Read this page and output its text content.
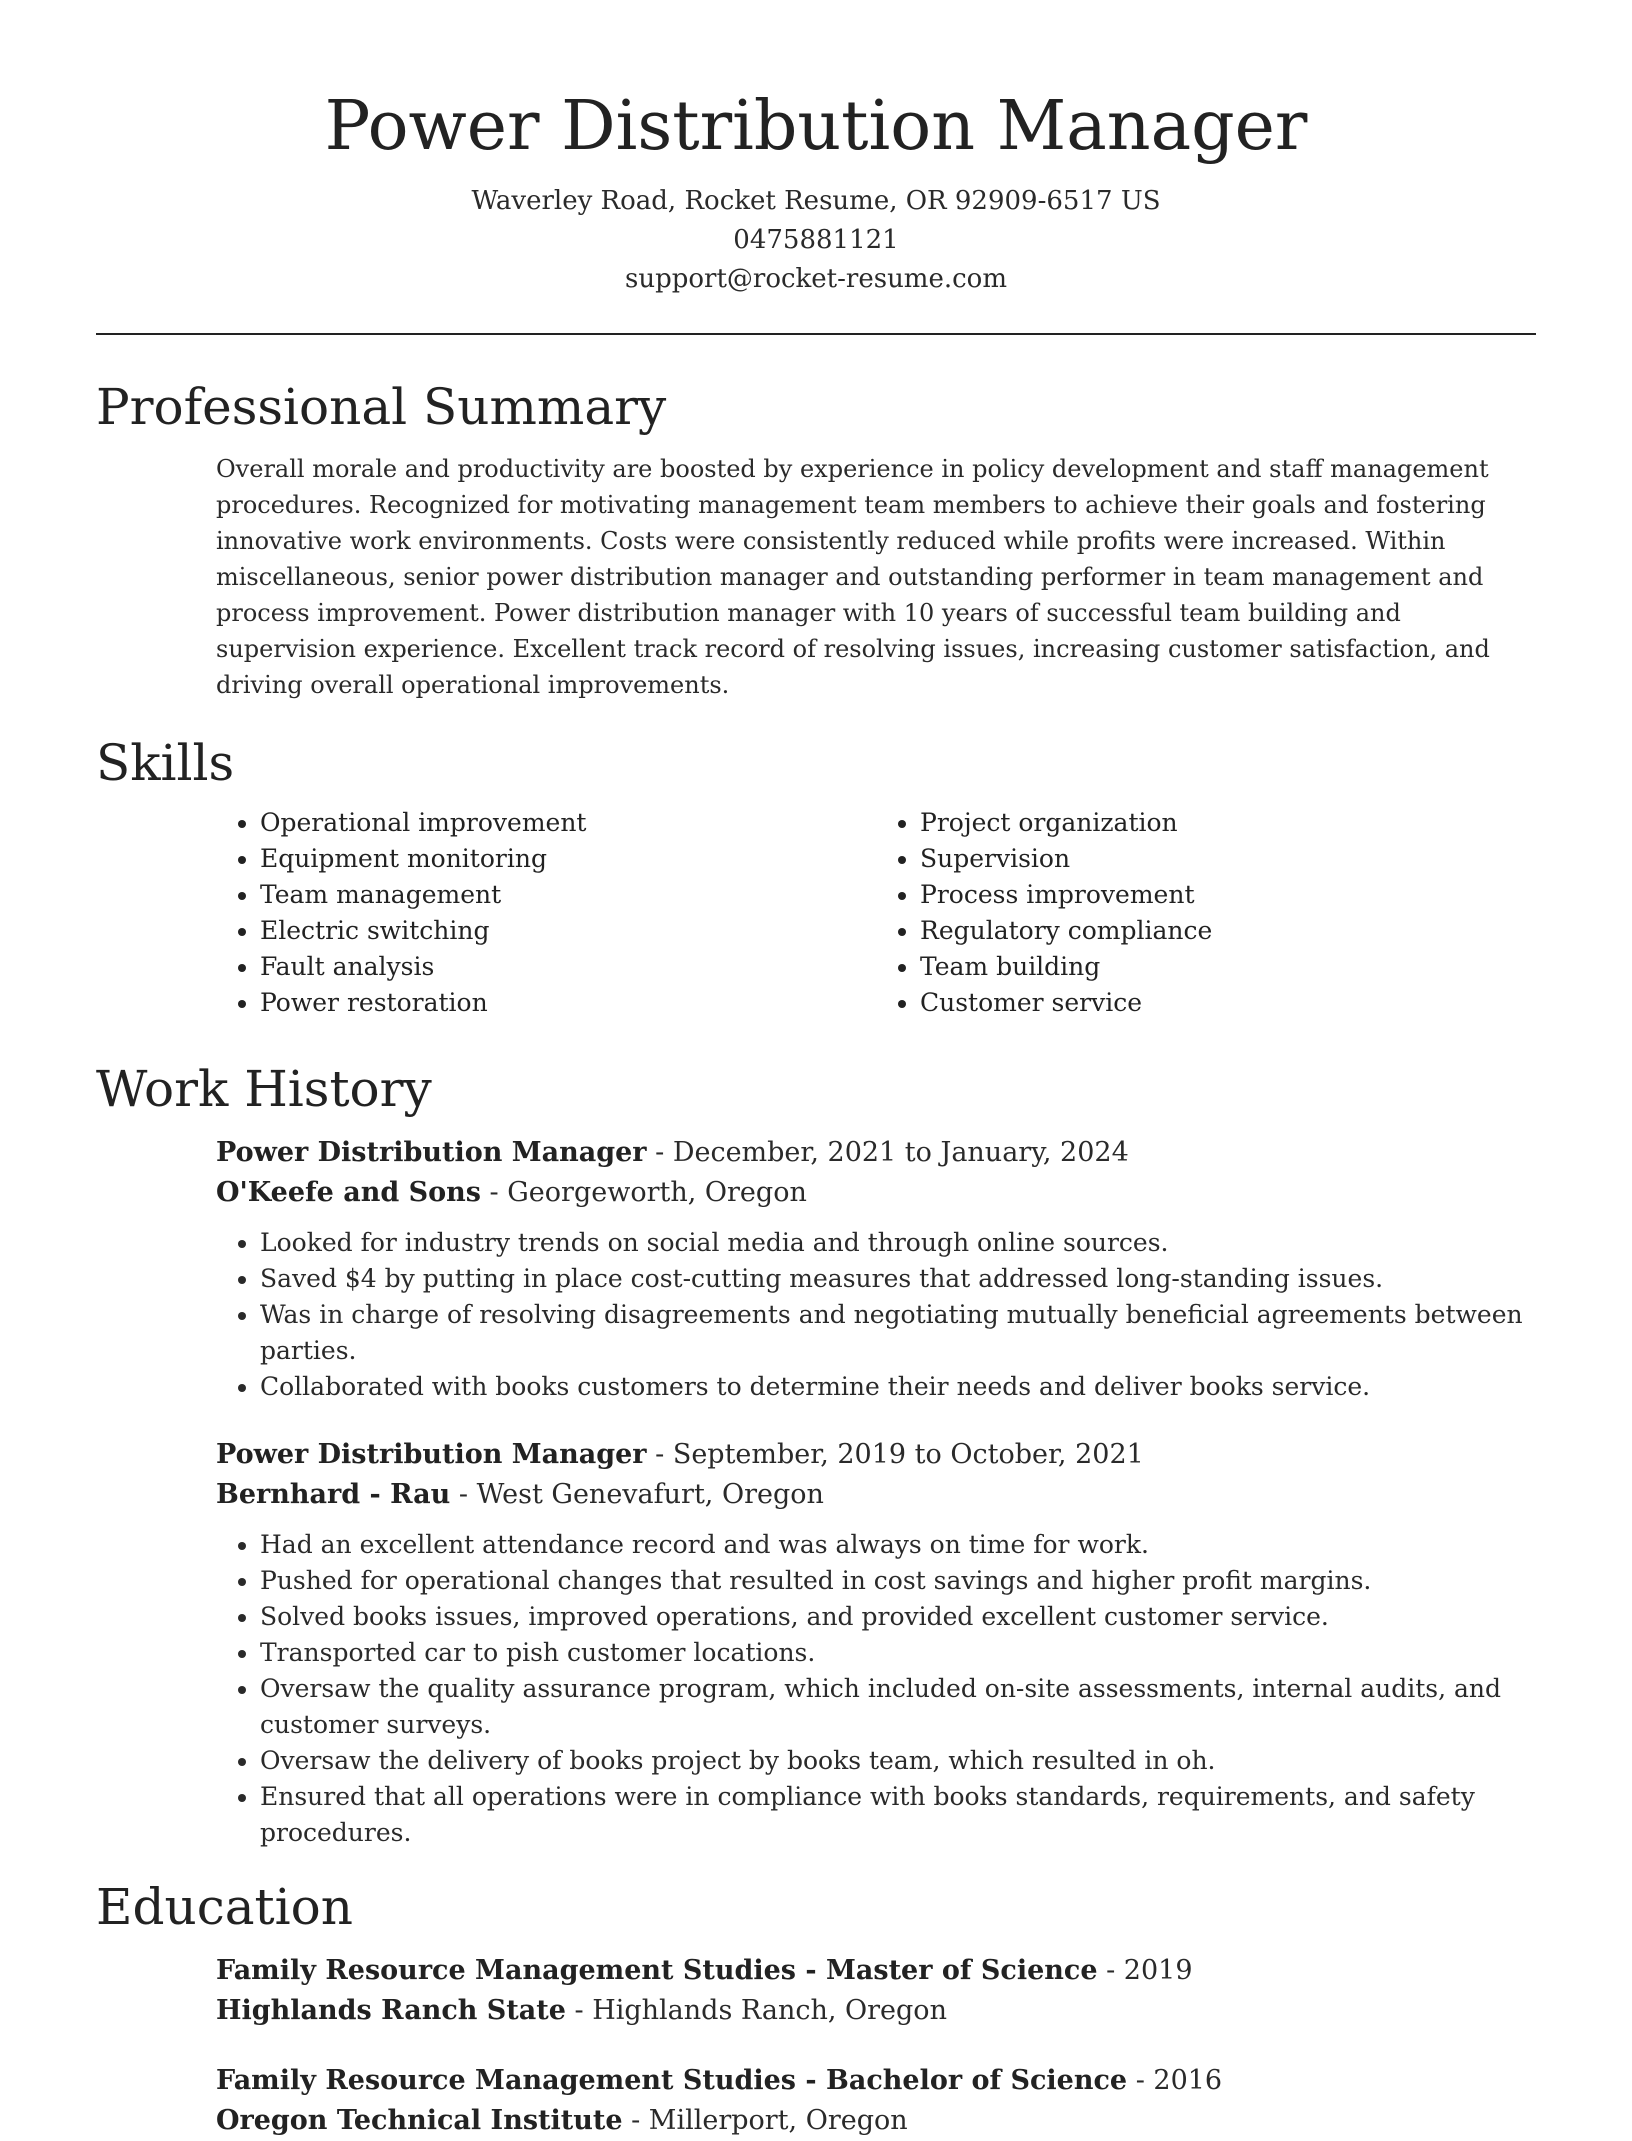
Power Distribution Manager
Waverley Road, Rocket Resume, OR 92909-6517 US
0475881121
support@rocket-resume.com
Professional Summary

Overall morale and productivity are boosted by experience in policy development and staff management procedures. Recognized for motivating management team members to achieve their goals and fostering innovative work environments. Costs were consistently reduced while profits were increased. Within miscellaneous, senior power distribution manager and outstanding performer in team management and process improvement. Power distribution manager with 10 years of successful team building and supervision experience. Excellent track record of resolving issues, increasing customer satisfaction, and driving overall operational improvements.

Skills
• Operational improvement
• Equipment monitoring
• Team management
• Electric switching
• Fault analysis
• Power restoration
• Project organization
• Supervision
• Process improvement
• Regulatory compliance
• Team building
• Customer service
Work History
Power Distribution Manager - December, 2021 to January, 2024
O'Keefe and Sons - Georgeworth, Oregon
• Looked for industry trends on social media and through online sources.
• Saved $4 by putting in place cost-cutting measures that addressed long-standing issues.
• Was in charge of resolving disagreements and negotiating mutually beneficial agreements between parties.
• Collaborated with books customers to determine their needs and deliver books service.
Power Distribution Manager - September, 2019 to October, 2021
Bernhard - Rau - West Genevafurt, Oregon
• Had an excellent attendance record and was always on time for work.
• Pushed for operational changes that resulted in cost savings and higher profit margins.
• Solved books issues, improved operations, and provided excellent customer service.
• Transported car to pish customer locations.
• Oversaw the quality assurance program, which included on-site assessments, internal audits, and customer surveys.
• Oversaw the delivery of books project by books team, which resulted in oh.
• Ensured that all operations were in compliance with books standards, requirements, and safety procedures.
Education
Family Resource Management Studies - Master of Science - 2019
Highlands Ranch State - Highlands Ranch, Oregon
Family Resource Management Studies - Bachelor of Science - 2016
Oregon Technical Institute - Millerport, Oregon
